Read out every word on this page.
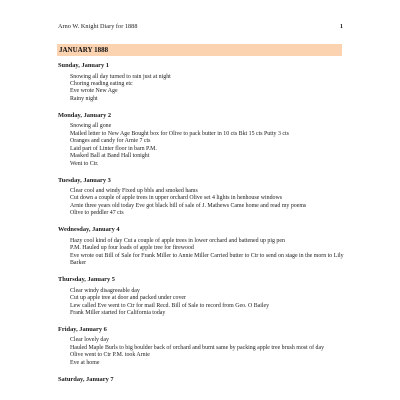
Arno W. Knight Diary for 1888	1
JANUARY 1888
Sunday, January 1
Snowing all day turned to rain just at night
Choring reading eating etc
Eve wrote New Age
Rainy night
Monday, January 2
Snowing all gone
Mailed letter to New Age Bought box for Olive to pack butter in 10 cts Bkt 15 cts Putty 3 cts
Oranges and candy for Arnie 7 cts
Laid part of Linter floor in barn P.M.
Masked Ball at Band Hall tonight
Went to Ctr.
Tuesday, January 3
Clear cool and windy Fixed up bbls and smoked hams
Cut down a couple of apple trees in upper orchard Olive set 4 lights in henhouse windows
Arnie three years old today Eve got black bill of sale of J. Mathews Came home and read my poems
Olive to peddler 47 cts
Wednesday, January 4
Hazy cool kind of day Cut a couple of apple trees in lower orchard and battened up pig pen
P.M. Hauled up four loads of apple tree for firewood
Eve wrote out Bill of Sale for Frank Miller to Annie Miller Carried butter to Ctr to send on stage in the morn to Lily Barker
Thursday, January 5
Clear windy disagreeable day
Cut up apple tree at door and packed under cover
Lew called Eve went to Ctr for mail Recd. Bill of Sale to record from Geo. O Bailey
Frank Miller started for California today
Friday, January 6
Clear lovely day
Hauled Maple Burls to big boulder back of orchard and burnt same by packing apple tree brush most of day
Olive went to Ctr P.M. took Arnie
Eve at home
Saturday, January 7
